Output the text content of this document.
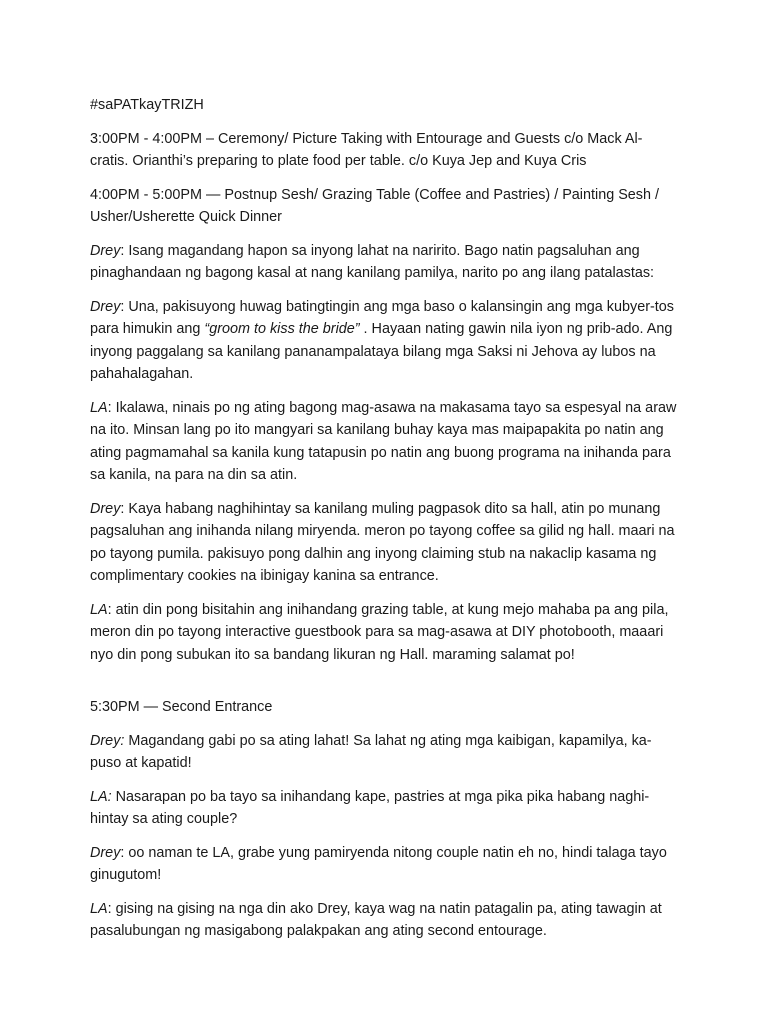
#saPATkayTRIZH

3:00PM - 4:00PM – Ceremony/ Picture Taking with Entourage and Guests c/o Mack Al-cratis. Orianthi’s preparing to plate food per table. c/o Kuya Jep and Kuya Cris

4:00PM - 5:00PM — Postnup Sesh/ Grazing Table (Coffee and Pastries) / Painting Sesh / Usher/Usherette Quick Dinner

Drey: Isang magandang hapon sa inyong lahat na naririto. Bago natin pagsaluhan ang pinaghandaan ng bagong kasal at nang kanilang pamilya, narito po ang ilang patalastas:

Drey: Una, pakisuyong huwag batingtingin ang mga baso o kalansingin ang mga kubyer-tos para himukin ang “groom to kiss the bride” . Hayaan nating gawin nila iyon ng prib-ado. Ang inyong paggalang sa kanilang pananampalataya bilang mga Saksi ni Jehova ay lubos na pahahalagahan.

LA: Ikalawa, ninais po ng ating bagong mag-asawa na makasama tayo sa espesyal na araw na ito. Minsan lang po ito mangyari sa kanilang buhay kaya mas maipapakita po natin ang ating pagmamahal sa kanila kung tatapusin po natin ang buong programa na inihanda para sa kanila, na para na din sa atin.

Drey: Kaya habang naghihintay sa kanilang muling pagpasok dito sa hall, atin po munang pagsaluhan ang inihanda nilang miryenda. meron po tayong coffee sa gilid ng hall. maari na po tayong pumila. pakisuyo pong dalhin ang inyong claiming stub na nakaclip kasama ng complimentary cookies na ibinigay kanina sa entrance.

LA: atin din pong bisitahin ang inihandang grazing table, at kung mejo mahaba pa ang pila, meron din po tayong interactive guestbook para sa mag-asawa at DIY photobooth, maaari nyo din pong subukan ito sa bandang likuran ng Hall. maraming salamat po!

5:30PM — Second Entrance

Drey: Magandang gabi po sa ating lahat! Sa lahat ng ating mga kaibigan, kapamilya, ka-puso at kapatid!

LA: Nasarapan po ba tayo sa inihandang kape, pastries at mga pika pika habang naghi-hintay sa ating couple?

Drey: oo naman te LA, grabe yung pamiryenda nitong couple natin eh no, hindi talaga tayo ginugutom!

LA: gising na gising na nga din ako Drey, kaya wag na natin patagalin pa, ating tawagin at pasalubungan ng masigabong palakpakan ang ating second entourage.
